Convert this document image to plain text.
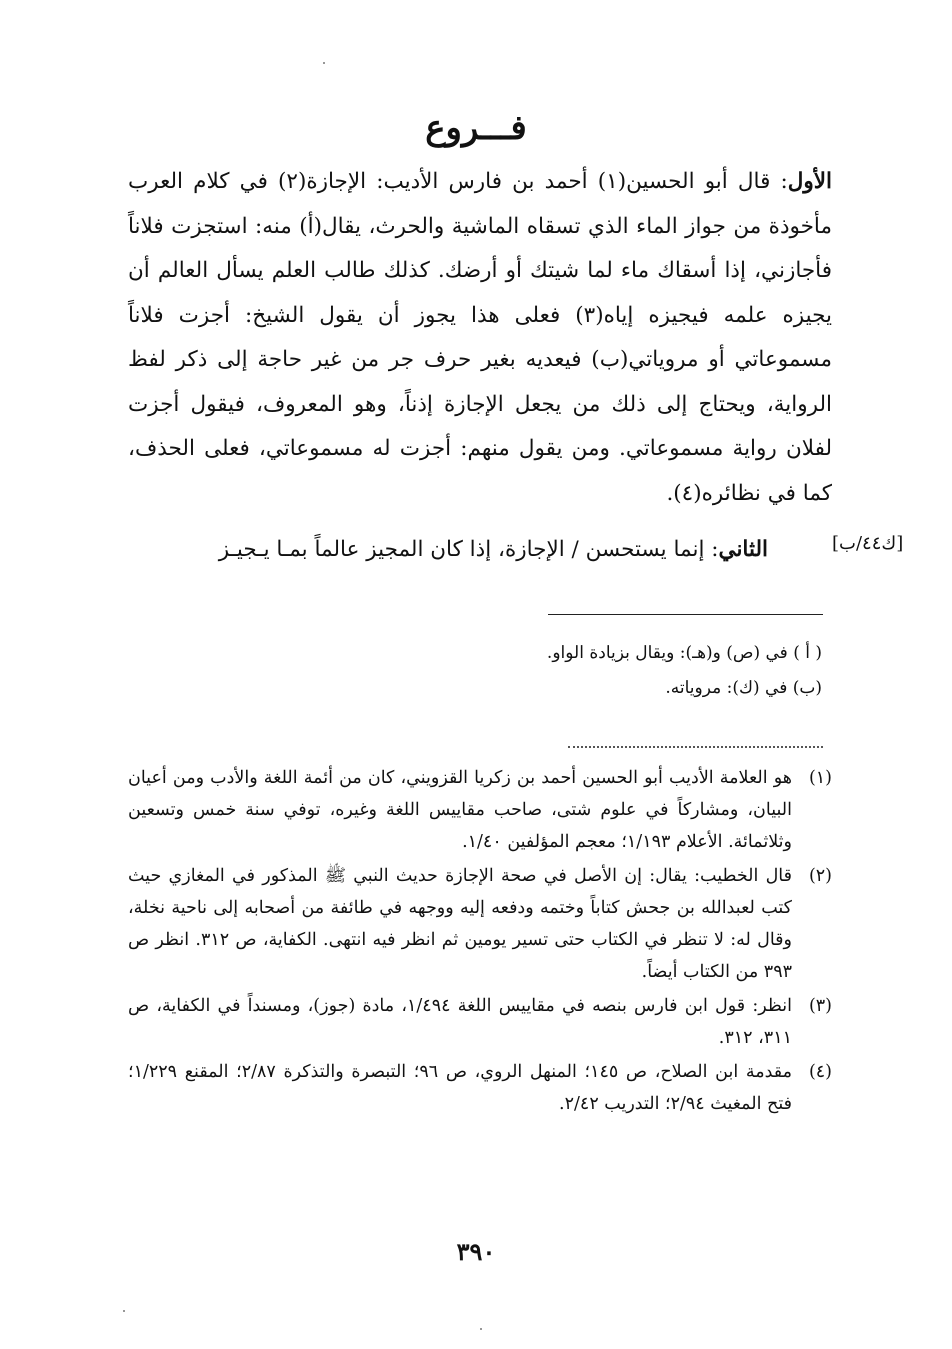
فـــروع

الأول: قال أبو الحسين(١) أحمد بن فارس الأديب: الإجازة(٢) في كلام العرب مأخوذة من جواز الماء الذي تسقاه الماشية والحرث، يقال(أ) منه: استجزت فلاناً فأجازني، إذا أسقاك ماء لما شيتك أو أرضك. كذلك طالب العلم يسأل العالم أن يجيزه علمه فيجيزه إياه(٣) فعلى هذا يجوز أن يقول الشيخ: أجزت فلاناً مسموعاتي أو مروياتي(ب) فيعديه بغير حرف جر من غير حاجة إلى ذكر لفظ الرواية، ويحتاج إلى ذلك من يجعل الإجازة إذناً، وهو المعروف، فيقول أجزت لفلان رواية مسموعاتي. ومن يقول منهم: أجزت له مسموعاتي، فعلى الحذف، كما في نظائره(٤).

الثاني: إنما يستحسن / الإجازة، إذا كان المجيز عالماً بمـا يـجيـز	[ك٤٤/ب]
( أ ) في (ص) و(هـ): ويقال بزيادة الواو.
(ب) في (ك): مروياته.
(١)
هو العلامة الأديب أبو الحسين أحمد بن زكريا القزويني، كان من أئمة اللغة والأدب ومن أعيان البيان، ومشاركاً في علوم شتى، صاحب مقاييس اللغة وغيره، توفي سنة خمس وتسعين وثلاثمائة. الأعلام ١/١٩٣؛ معجم المؤلفين ١/٤٠.
(٢)
قال الخطيب: يقال: إن الأصل في صحة الإجازة حديث النبي ﷺ المذكور في المغازي حيث كتب لعبدالله بن جحش كتاباً وختمه ودفعه إليه ووجهه في طائفة من أصحابه إلى ناحية نخلة، وقال له: لا تنظر في الكتاب حتى تسير يومين ثم انظر فيه انتهى. الكفاية، ص ٣١٢. انظر ص ٣٩٣ من الكتاب أيضاً.
(٣)
انظر: قول ابن فارس بنصه في مقاييس اللغة ١/٤٩٤، مادة (جوز)، ومسنداً في الكفاية، ص ٣١١، ٣١٢.
(٤)
مقدمة ابن الصلاح، ص ١٤٥؛ المنهل الروي، ص ٩٦؛ التبصرة والتذكرة ٢/٨٧؛ المقنع ١/٢٢٩؛ فتح المغيث ٢/٩٤؛ التدريب ٢/٤٢.
٣٩٠
